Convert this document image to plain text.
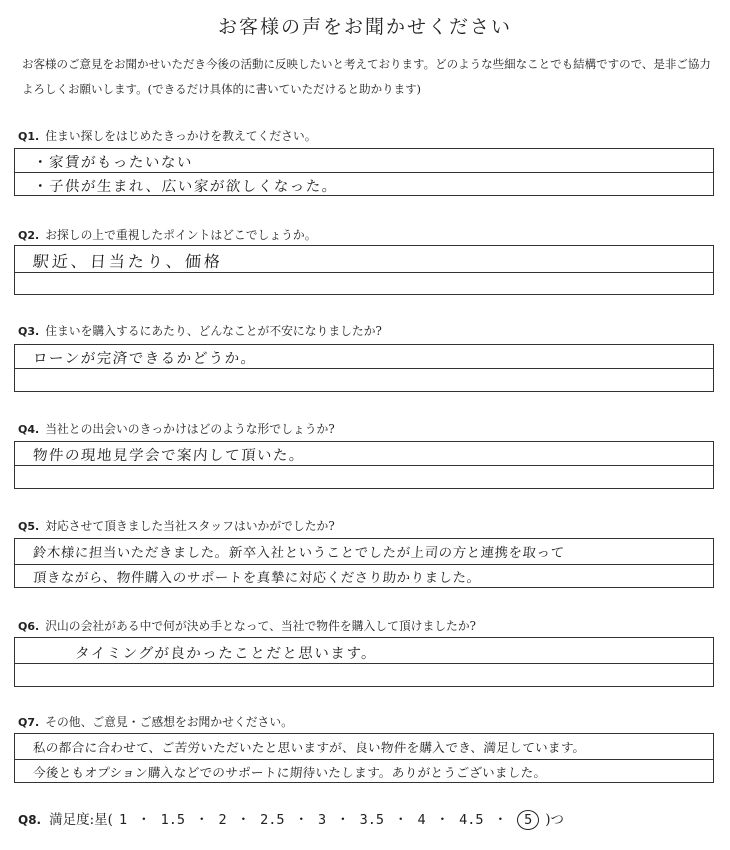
お客様の声をお聞かせください
お客様のご意見をお聞かせいただき今後の活動に反映したいと考えております。どのような些細なことでも結構ですので、是非ご協力よろしくお願いします。(できるだけ具体的に書いていただけると助かります)
Q1. 住まい探しをはじめたきっかけを教えてください。
・家賃がもったいない
・子供が生まれ、広い家が欲しくなった。
Q2. お探しの上で重視したポイントはどこでしょうか。
駅近、日当たり、価格
Q3. 住まいを購入するにあたり、どんなことが不安になりましたか?
ローンが完済できるかどうか。
Q4. 当社との出会いのきっかけはどのような形でしょうか?
物件の現地見学会で案内して頂いた。
Q5. 対応させて頂きました当社スタッフはいかがでしたか?
鈴木様に担当いただきました。新卒入社ということでしたが上司の方と連携を取って
頂きながら、物件購入のサポートを真摯に対応くださり助かりました。
Q6. 沢山の会社がある中で何が決め手となって、当社で物件を購入して頂けましたか?
タイミングが良かったことだと思います。
Q7. その他、ご意見・ご感想をお聞かせください。
私の都合に合わせて、ご苦労いただいたと思いますが、良い物件を購入でき、満足しています。
今後ともオプション購入などでのサポートに期待いたします。ありがとうございました。
Q8. 満足度:星( 1 ・ 1.5 ・ 2 ・ 2.5 ・ 3 ・ 3.5 ・ 4 ・ 4.5 ・ 5 )つ
